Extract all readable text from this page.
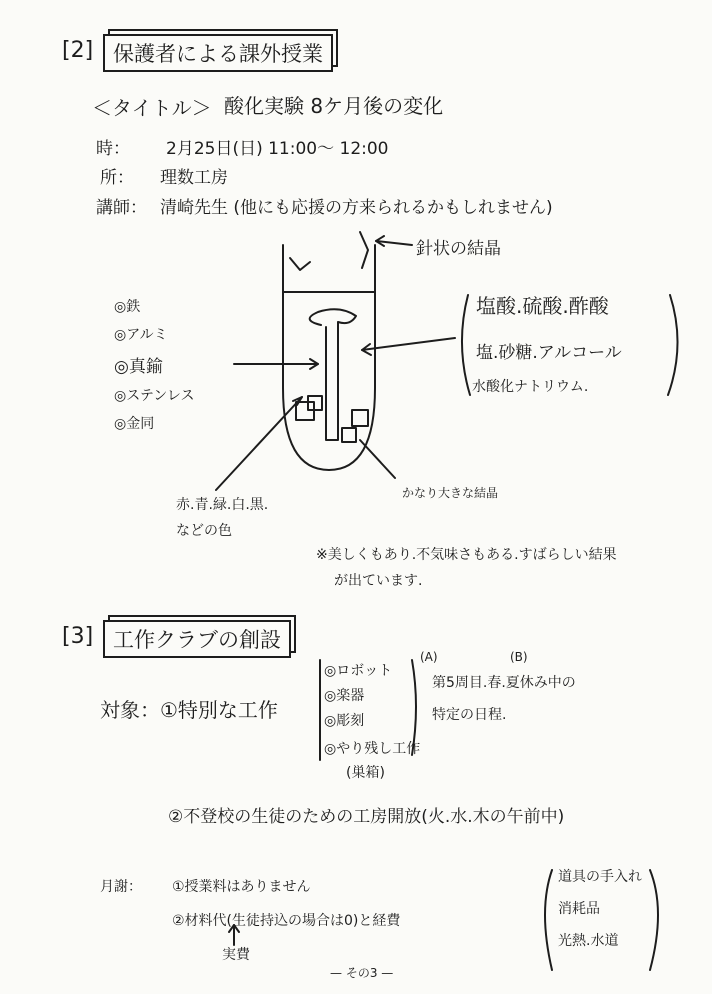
[2] 保護者による課外授業
＜タイトル＞ 酸化実験 8ケ月後の変化
時： 2月25日(日) 11:00〜 12:00
所： 理数工房
講師： 清崎先生 (他にも応援の方来られるかもしれません)
針状の結晶
◎鉄
◎アルミ
◎真鍮
◎ステンレス
◎金同
塩酸.硫酸.酢酸
塩.砂糖.アルコール
水酸化ナトリウム.
かなり大きな結晶
赤.青.緑.白.黒.
などの色
※美しくもあり.不気味さもある.すばらしい結果
が出ています.
[3] 工作クラブの創設
対象：①特別な工作
◎ロボット
◎楽器
◎彫刻
◎やり残し工作
(巣箱)
(A)	(B)
第5周目.春.夏休み中の
特定の日程.
②不登校の生徒のための工房開放(火.水.木の午前中)
月謝： ①授業料はありません
②材料代(生徒持込の場合は0)と経費
実費
道具の手入れ
消耗品
光熱.水道
— その3 —
